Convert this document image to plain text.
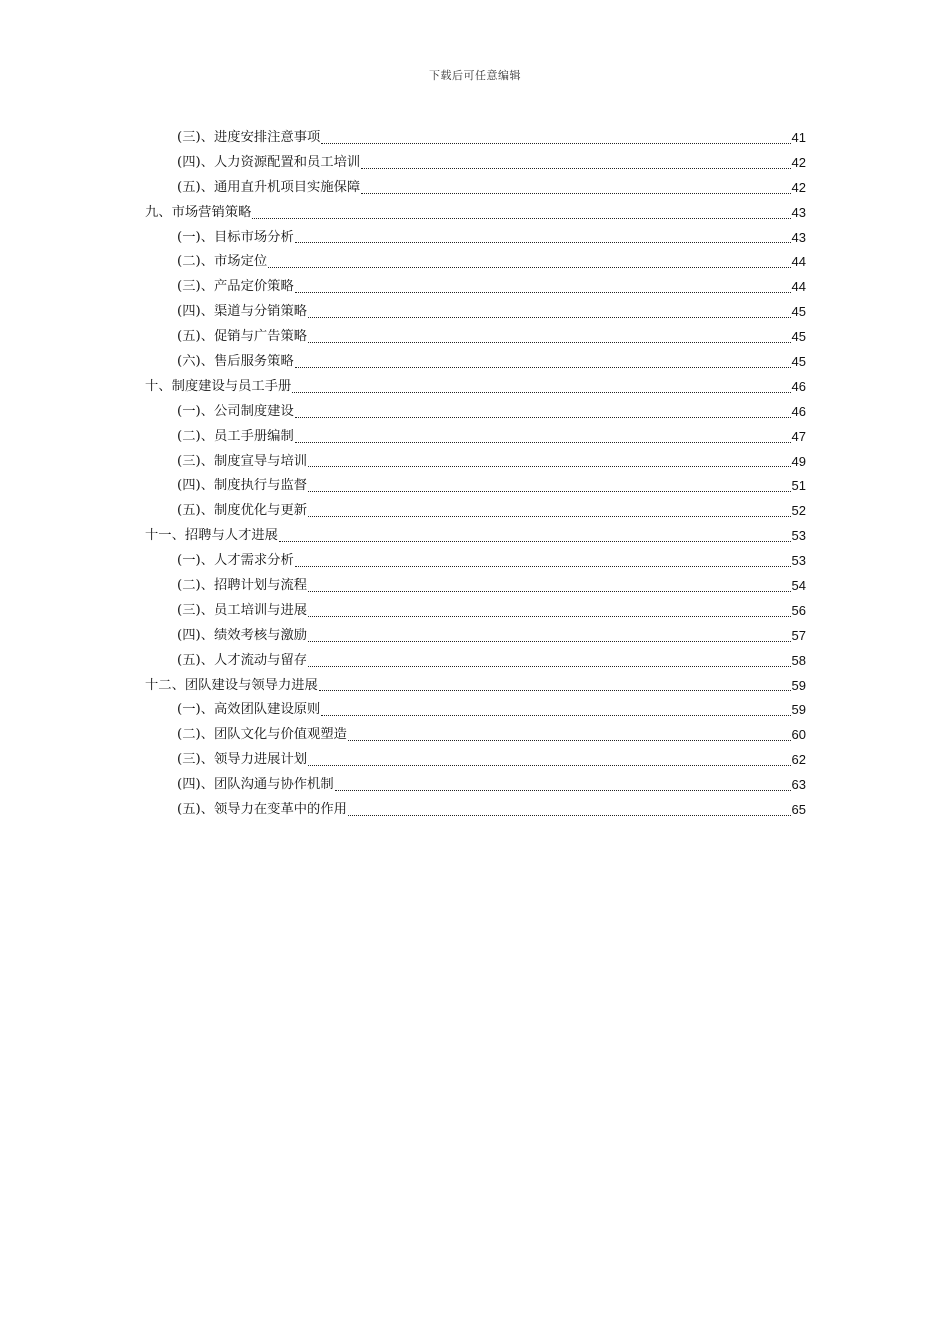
下载后可任意编辑
(三)、进度安排注意事项	41
(四)、人力资源配置和员工培训	42
(五)、通用直升机项目实施保障	42
九、市场营销策略	43
(一)、目标市场分析	43
(二)、市场定位	44
(三)、产品定价策略	44
(四)、渠道与分销策略	45
(五)、促销与广告策略	45
(六)、售后服务策略	45
十、制度建设与员工手册	46
(一)、公司制度建设	46
(二)、员工手册编制	47
(三)、制度宣导与培训	49
(四)、制度执行与监督	51
(五)、制度优化与更新	52
十一、招聘与人才进展	53
(一)、人才需求分析	53
(二)、招聘计划与流程	54
(三)、员工培训与进展	56
(四)、绩效考核与激励	57
(五)、人才流动与留存	58
十二、团队建设与领导力进展	59
(一)、高效团队建设原则	59
(二)、团队文化与价值观塑造	60
(三)、领导力进展计划	62
(四)、团队沟通与协作机制	63
(五)、领导力在变革中的作用	65
